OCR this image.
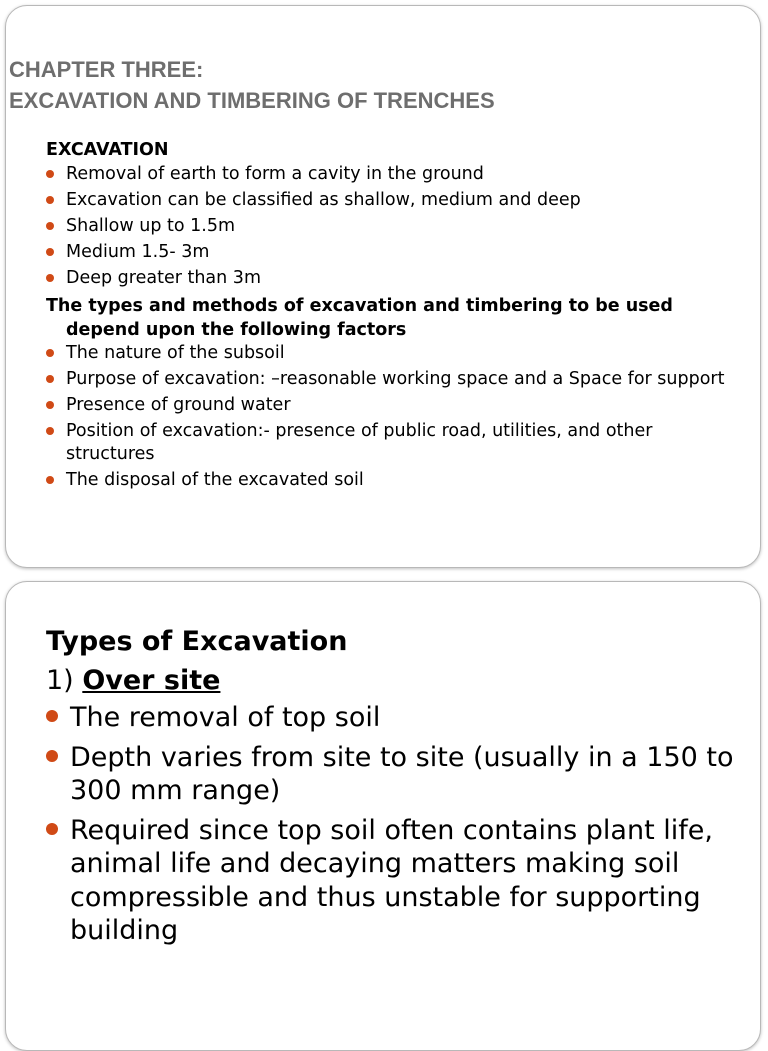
CHAPTER THREE:
EXCAVATION AND TIMBERING OF TRENCHES
EXCAVATION
Removal of earth to form a cavity in the ground
Excavation can be classified as shallow, medium and deep
Shallow up to 1.5m
Medium 1.5- 3m
Deep greater than 3m
The types and methods of excavation and timbering to be used depend upon the following factors
The nature of the subsoil
Purpose of excavation: –reasonable working space and a Space for support
Presence of ground water
Position of excavation:- presence of public road, utilities, and other structures
The disposal of the excavated soil
Types of Excavation
1) Over site
The removal of top soil
Depth varies from site to site (usually in a 150 to 300 mm range)
Required since top soil often contains plant life, animal life and decaying matters making soil compressible and thus unstable for supporting building
